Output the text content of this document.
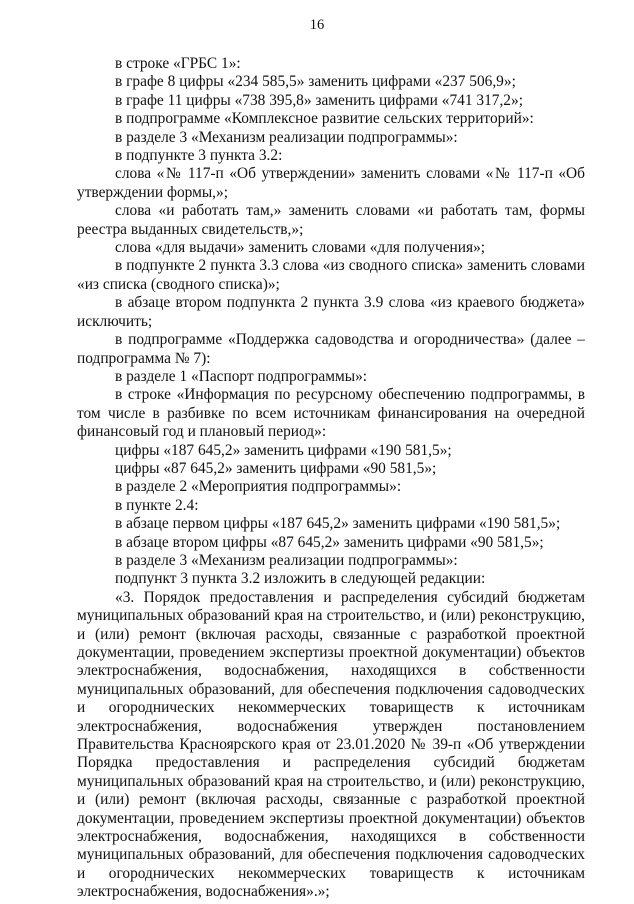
16

в строке «ГРБС 1»:

в графе 8 цифры «234 585,5» заменить цифрами «237 506,9»;

в графе 11 цифры «738 395,8» заменить цифрами «741 317,2»;

в подпрограмме «Комплексное развитие сельских территорий»:

в разделе 3 «Механизм реализации подпрограммы»:

в подпункте 3 пункта 3.2:

слова «№ 117-п «Об утверждении» заменить словами «№ 117-п «Об утверждении формы,»;

слова «и работать там,» заменить словами «и работать там, формы реестра выданных свидетельств,»;

слова «для выдачи» заменить словами «для получения»;

в подпункте 2 пункта 3.3 слова «из сводного списка» заменить словами «из списка (сводного списка)»;

в абзаце втором подпункта 2 пункта 3.9 слова «из краевого бюджета» исключить;

в подпрограмме «Поддержка садоводства и огородничества» (далее – подпрограмма № 7):

в разделе 1 «Паспорт подпрограммы»:

в строке «Информация по ресурсному обеспечению подпрограммы, в том числе в разбивке по всем источникам финансирования на очередной финансовый год и плановый период»:

цифры «187 645,2» заменить цифрами «190 581,5»;

цифры «87 645,2» заменить цифрами «90 581,5»;

в разделе 2 «Мероприятия подпрограммы»:

в пункте 2.4:

в абзаце первом цифры «187 645,2» заменить цифрами «190 581,5»;

в абзаце втором цифры «87 645,2» заменить цифрами «90 581,5»;

в разделе 3 «Механизм реализации подпрограммы»:

подпункт 3 пункта 3.2 изложить в следующей редакции:

«3. Порядок предоставления и распределения субсидий бюджетам муниципальных образований края на строительство, и (или) реконструкцию, и (или) ремонт (включая расходы, связанные с разработкой проектной документации, проведением экспертизы проектной документации) объектов электроснабжения, водоснабжения, находящихся в собственности муниципальных образований, для обеспечения подключения садоводческих и огороднических некоммерческих товариществ к источникам электроснабжения, водоснабжения утвержден постановлением Правительства Красноярского края от 23.01.2020 № 39-п «Об утверждении Порядка предоставления и распределения субсидий бюджетам муниципальных образований края на строительство, и (или) реконструкцию, и (или) ремонт (включая расходы, связанные с разработкой проектной документации, проведением экспертизы проектной документации) объектов электроснабжения, водоснабжения, находящихся в собственности муниципальных образований, для обеспечения подключения садоводческих и огороднических некоммерческих товариществ к источникам электроснабжения, водоснабжения».»;
